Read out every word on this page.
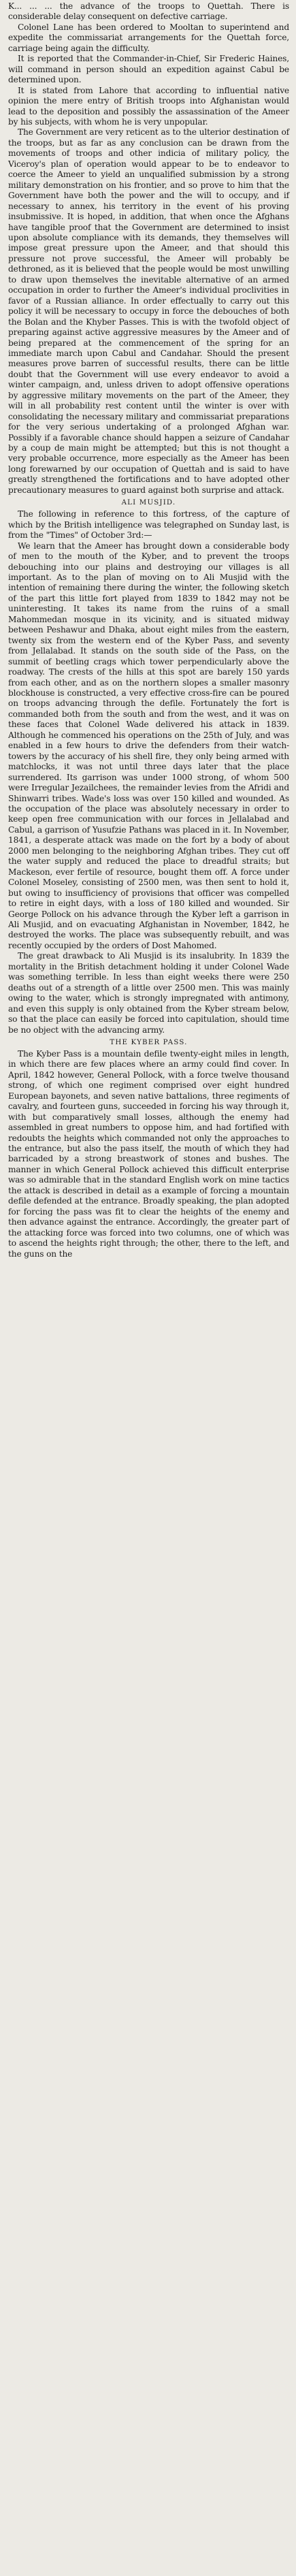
K... ... ... the advance of the troops to Quettah. There is considerable delay consequent on defective carriage.

Colonel Lane has been ordered to Mooltan to superintend and expedite the commissariat arrangements for the Quettah force, carriage being again the difficulty.

It is reported that the Commander-in-Chief, Sir Frederic Haines, will command in person should an expedition against Cabul be determined upon.

It is stated from Lahore that according to influential native opinion the mere entry of British troops into Afghanistan would lead to the deposition and possibly the assassination of the Ameer by his subjects, with whom he is very unpopular.

The Government are very reticent as to the ulterior destination of the troops, but as far as any conclusion can be drawn from the movements of troops and other indicia of military policy, the Viceroy's plan of operation would appear to be to endeavor to coerce the Ameer to yield an unqualified submission by a strong military demonstration on his frontier, and so prove to him that the Government have both the power and the will to occupy, and if necessary to annex, his territory in the event of his proving insubmissive. It is hoped, in addition, that when once the Afghans have tangible proof that the Government are determined to insist upon absolute compliance with its demands, they themselves will impose great pressure upon the Ameer, and that should this pressure not prove successful, the Ameer will probably be dethroned, as it is believed that the people would be most unwilling to draw upon themselves the inevitable alternative of an armed occupation in order to further the Ameer's individual proclivities in favor of a Russian alliance. In order effectually to carry out this policy it will be necessary to occupy in force the debouches of both the Bolan and the Khyber Passes. This is with the twofold object of preparing against active aggressive measures by the Ameer and of being prepared at the commencement of the spring for an immediate march upon Cabul and Candahar. Should the present measures prove barren of successful results, there can be little doubt that the Government will use every endeavor to avoid a winter campaign, and, unless driven to adopt offensive operations by aggressive military movements on the part of the Ameer, they will in all probability rest content until the winter is over with consolidating the necessary military and commissariat preparations for the very serious undertaking of a prolonged Afghan war. Possibly if a favorable chance should happen a seizure of Candahar by a coup de main might be attempted; but this is not thought a very probable occurrence, more especially as the Ameer has been long forewarned by our occupation of Quettah and is said to have greatly strengthened the fortifications and to have adopted other precautionary measures to guard against both surprise and attack.

ALI MUSJID.

The following in reference to this fortress, of the capture of which by the British intelligence was telegraphed on Sunday last, is from the "Times" of October 3rd:—

We learn that the Ameer has brought down a considerable body of men to the mouth of the Kyber, and to prevent the troops debouching into our plains and destroying our villages is all important. As to the plan of moving on to Ali Musjid with the intention of remaining there during the winter, the following sketch of the part this little fort played from 1839 to 1842 may not be uninteresting. It takes its name from the ruins of a small Mahommedan mosque in its vicinity, and is situated midway between Peshawur and Dhaka, about eight miles from the eastern, twenty six from the western end of the Kyber Pass, and seventy from Jellalabad. It stands on the south side of the Pass, on the summit of beetling crags which tower perpendicularly above the roadway. The crests of the hills at this spot are barely 150 yards from each other, and as on the northern slopes a smaller masonry blockhouse is constructed, a very effective cross-fire can be poured on troops advancing through the defile. Fortunately the fort is commanded both from the south and from the west, and it was on these faces that Colonel Wade delivered his attack in 1839. Although he commenced his operations on the 25th of July, and was enabled in a few hours to drive the defenders from their watch-towers by the accuracy of his shell fire, they only being armed with matchlocks, it was not until three days later that the place surrendered. Its garrison was under 1000 strong, of whom 500 were Irregular Jezailchees, the remainder levies from the Afridi and Shinwarri tribes. Wade's loss was over 150 killed and wounded. As the occupation of the place was absolutely necessary in order to keep open free communication with our forces in Jellalabad and Cabul, a garrison of Yusufzie Pathans was placed in it. In November, 1841, a desperate attack was made on the fort by a body of about 2000 men belonging to the neighboring Afghan tribes. They cut off the water supply and reduced the place to dreadful straits; but Mackeson, ever fertile of resource, bought them off. A force under Colonel Moseley, consisting of 2500 men, was then sent to hold it, but owing to insufficiency of provisions that officer was compelled to retire in eight days, with a loss of 180 killed and wounded. Sir George Pollock on his advance through the Kyber left a garrison in Ali Musjid, and on evacuating Afghanistan in November, 1842, he destroyed the works. The place was subsequently rebuilt, and was recently occupied by the orders of Dost Mahomed.

The great drawback to Ali Musjid is its insalubrity. In 1839 the mortality in the British detachment holding it under Colonel Wade was something terrible. In less than eight weeks there were 250 deaths out of a strength of a little over 2500 men. This was mainly owing to the water, which is strongly impregnated with antimony, and even this supply is only obtained from the Kyber stream below, so that the place can easily be forced into capitulation, should time be no object with the advancing army.

THE KYBER PASS.

The Kyber Pass is a mountain defile twenty-eight miles in length, in which there are few places where an army could find cover. In April, 1842 however, General Pollock, with a force twelve thousand strong, of which one regiment comprised over eight hundred European bayonets, and seven native battalions, three regiments of cavalry, and fourteen guns, succeeded in forcing his way through it, with but comparatively small losses, although the enemy had assembled in great numbers to oppose him, and had fortified with redoubts the heights which commanded not only the approaches to the entrance, but also the pass itself, the mouth of which they had barricaded by a strong breastwork of stones and bushes. The manner in which General Pollock achieved this difficult enterprise was so admirable that in the standard English work on mine tactics the attack is described in detail as a example of forcing a mountain defile defended at the entrance. Broadly speaking, the plan adopted for forcing the pass was fit to clear the heights of the enemy and then advance against the entrance. Accordingly, the greater part of the attacking force was forced into two columns, one of which was to ascend the heights right through; the other, there to the left, and the guns on the
